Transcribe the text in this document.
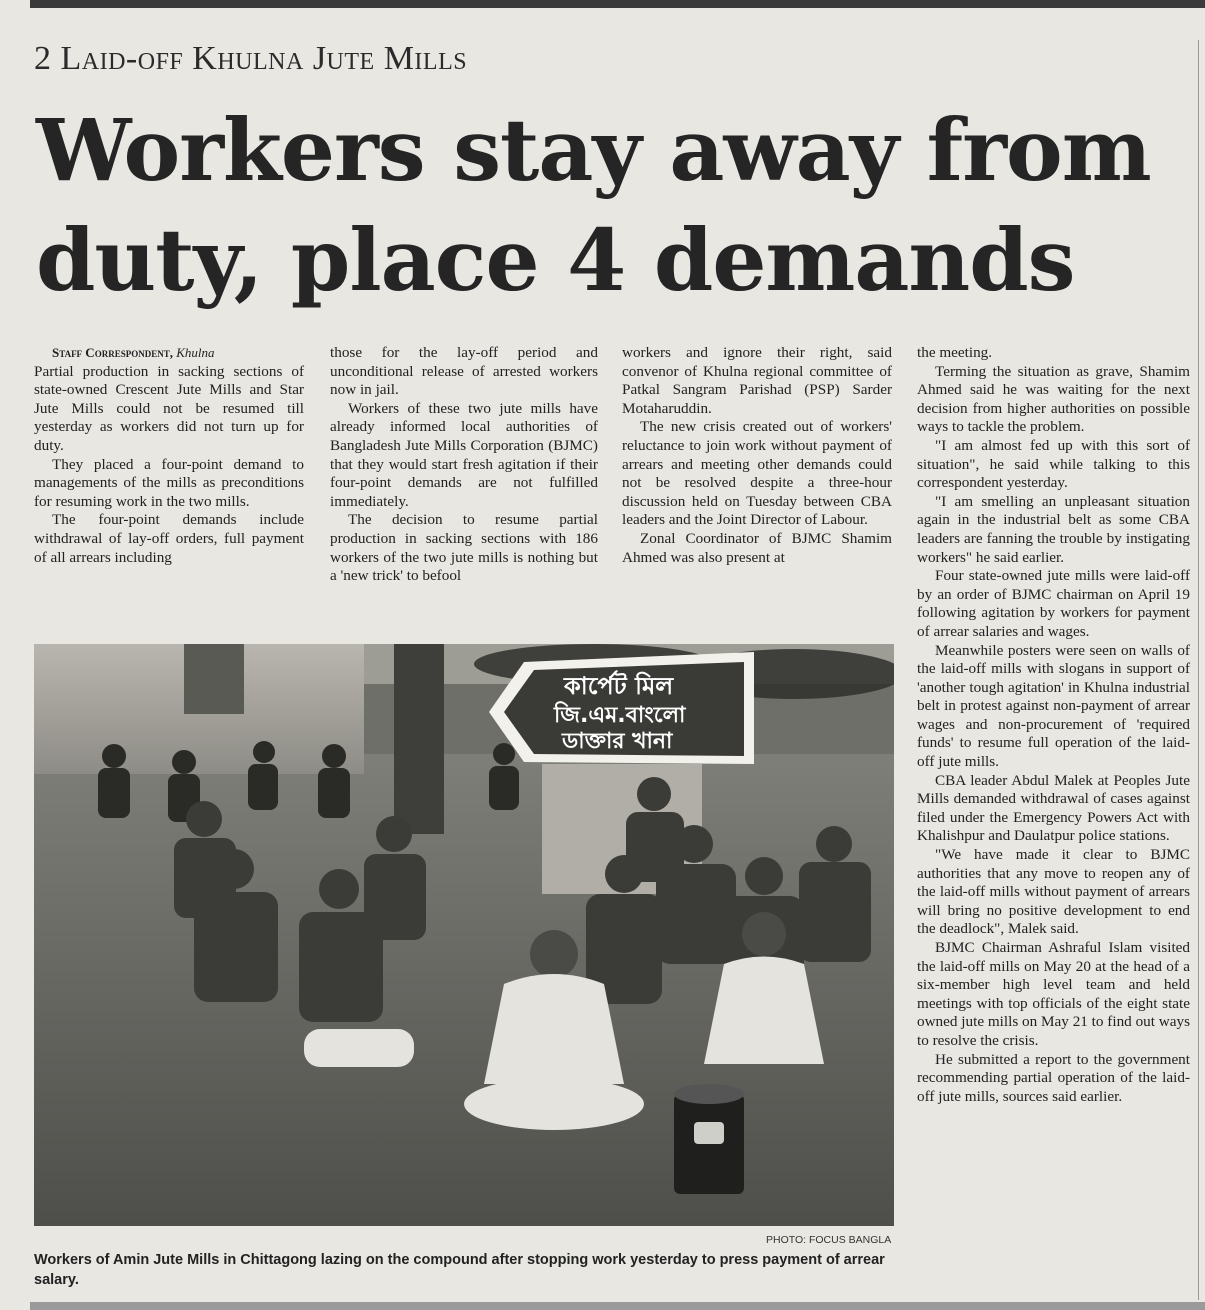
2 Laid-off Khulna Jute Mills
Workers stay away from duty, place 4 demands

Staff Correspondent, Khulna

Partial production in sacking sections of state-owned Crescent Jute Mills and Star Jute Mills could not be resumed till yesterday as workers did not turn up for duty.

They placed a four-point demand to managements of the mills as preconditions for resuming work in the two mills.

The four-point demands include withdrawal of lay-off orders, full payment of all arrears including

those for the lay-off period and unconditional release of arrested workers now in jail.

Workers of these two jute mills have already informed local authorities of Bangladesh Jute Mills Corporation (BJMC) that they would start fresh agitation if their four-point demands are not fulfilled immediately.

The decision to resume partial production in sacking sections with 186 workers of the two jute mills is nothing but a 'new trick' to befool

workers and ignore their right, said convenor of Khulna regional committee of Patkal Sangram Parishad (PSP) Sarder Motaharuddin.

The new crisis created out of workers' reluctance to join work without payment of arrears and meeting other demands could not be resolved despite a three-hour discussion held on Tuesday between CBA leaders and the Joint Director of Labour.

Zonal Coordinator of BJMC Shamim Ahmed was also present at

the meeting.

Terming the situation as grave, Shamim Ahmed said he was waiting for the next decision from higher authorities on possible ways to tackle the problem.

"I am almost fed up with this sort of situation", he said while talking to this correspondent yesterday.

"I am smelling an unpleasant situation again in the industrial belt as some CBA leaders are fanning the trouble by instigating workers" he said earlier.

Four state-owned jute mills were laid-off by an order of BJMC chairman on April 19 following agitation by workers for payment of arrear salaries and wages.

Meanwhile posters were seen on walls of the laid-off mills with slogans in support of 'another tough agitation' in Khulna industrial belt in protest against non-payment of arrear wages and non-procurement of 'required funds' to resume full operation of the laid-off jute mills.

CBA leader Abdul Malek at Peoples Jute Mills demanded withdrawal of cases against filed under the Emergency Powers Act with Khalishpur and Daulatpur police stations.

"We have made it clear to BJMC authorities that any move to reopen any of the laid-off mills without payment of arrears will bring no positive development to end the deadlock", Malek said.

BJMC Chairman Ashraful Islam visited the laid-off mills on May 20 at the head of a six-member high level team and held meetings with top officials of the eight state owned jute mills on May 21 to find out ways to resolve the crisis.

He submitted a report to the government recommending partial operation of the laid-off jute mills, sources said earlier.

কার্পেট মিল
জি.এম.বাংলো
ডাক্তার খানা
PHOTO: FOCUS BANGLA
Workers of Amin Jute Mills in Chittagong lazing on the compound after stopping work yesterday to press payment of arrear salary.
